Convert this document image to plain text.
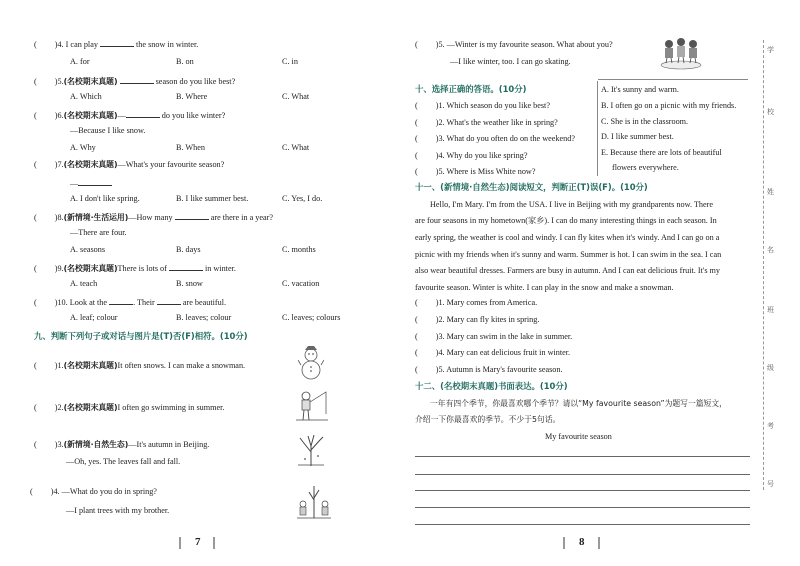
( )4. I can play	the snow in winter.
A. for	B. on	C. in
( )5.(名校期末真题)	season do you like best?
A. Which	B. Where	C. What
( )6.(名校期末真题)—	do you like winter?
—Because I like snow.
A. Why	B. When	C. What
( )7.(名校期末真题)—What's your favourite season?
—
A. I don't like spring.	B. I like summer best.	C. Yes, I do.
( )8.(新情境·生活运用)—How many	are there in a year?
—There are four.
A. seasons	B. days	C. months
( )9.(名校期末真题)There is lots of	in winter.
A. teach	B. snow	C. vacation
( )10. Look at the	. Their	are beautiful.
A. leaf; colour	B. leaves; colour	C. leaves; colours
九、判断下列句子或对话与图片是(T)否(F)相符。(10分)
( )1.(名校期末真题)It often snows. I can make a snowman.
( )2.(名校期末真题)I often go swimming in summer.
( )3.(新情境·自然生态)—It's autumn in Beijing.
—Oh, yes. The leaves fall and fall.
( )4. —What do you do in spring?
—I plant trees with my brother.
7
( )5. —Winter is my favourite season. What about you?
—I like winter, too. I can go skating.
十、选择正确的答语。(10分)
( )1. Which season do you like best?
( )2. What's the weather like in spring?
( )3. What do you often do on the weekend?
( )4. Why do you like spring?
( )5. Where is Miss White now?
A. It's sunny and warm.
B. I often go on a picnic with my friends.
C. She is in the classroom.
D. I like summer best.
E. Because there are lots of beautiful
flowers everywhere.
十一、(新情境·自然生态)阅读短文，判断正(T)误(F)。(10分)
Hello, I'm Mary. I'm from the USA. I live in Beijing with my grandparents now. There
are four seasons in my hometown(家乡). I can do many interesting things in each season. In
early spring, the weather is cool and windy. I can fly kites when it's windy. And I can go on a
picnic with my friends when it's sunny and warm. Summer is hot. I can swim in the sea. I can
also wear beautiful dresses. Farmers are busy in autumn. And I can eat delicious fruit. It's my
favourite season. Winter is white. I can play in the snow and make a snowman.
( )1. Mary comes from America.
( )2. Mary can fly kites in spring.
( )3. Mary can swim in the lake in summer.
( )4. Mary can eat delicious fruit in winter.
( )5. Autumn is Mary's favourite season.
十二、(名校期末真题)书面表达。(10分)
一年有四个季节，你最喜欢哪个季节？请以“My favourite season”为题写一篇短文，
介绍一下你最喜欢的季节。不少于5句话。
My favourite season
8
学
校
姓
名
班
级
考
号
